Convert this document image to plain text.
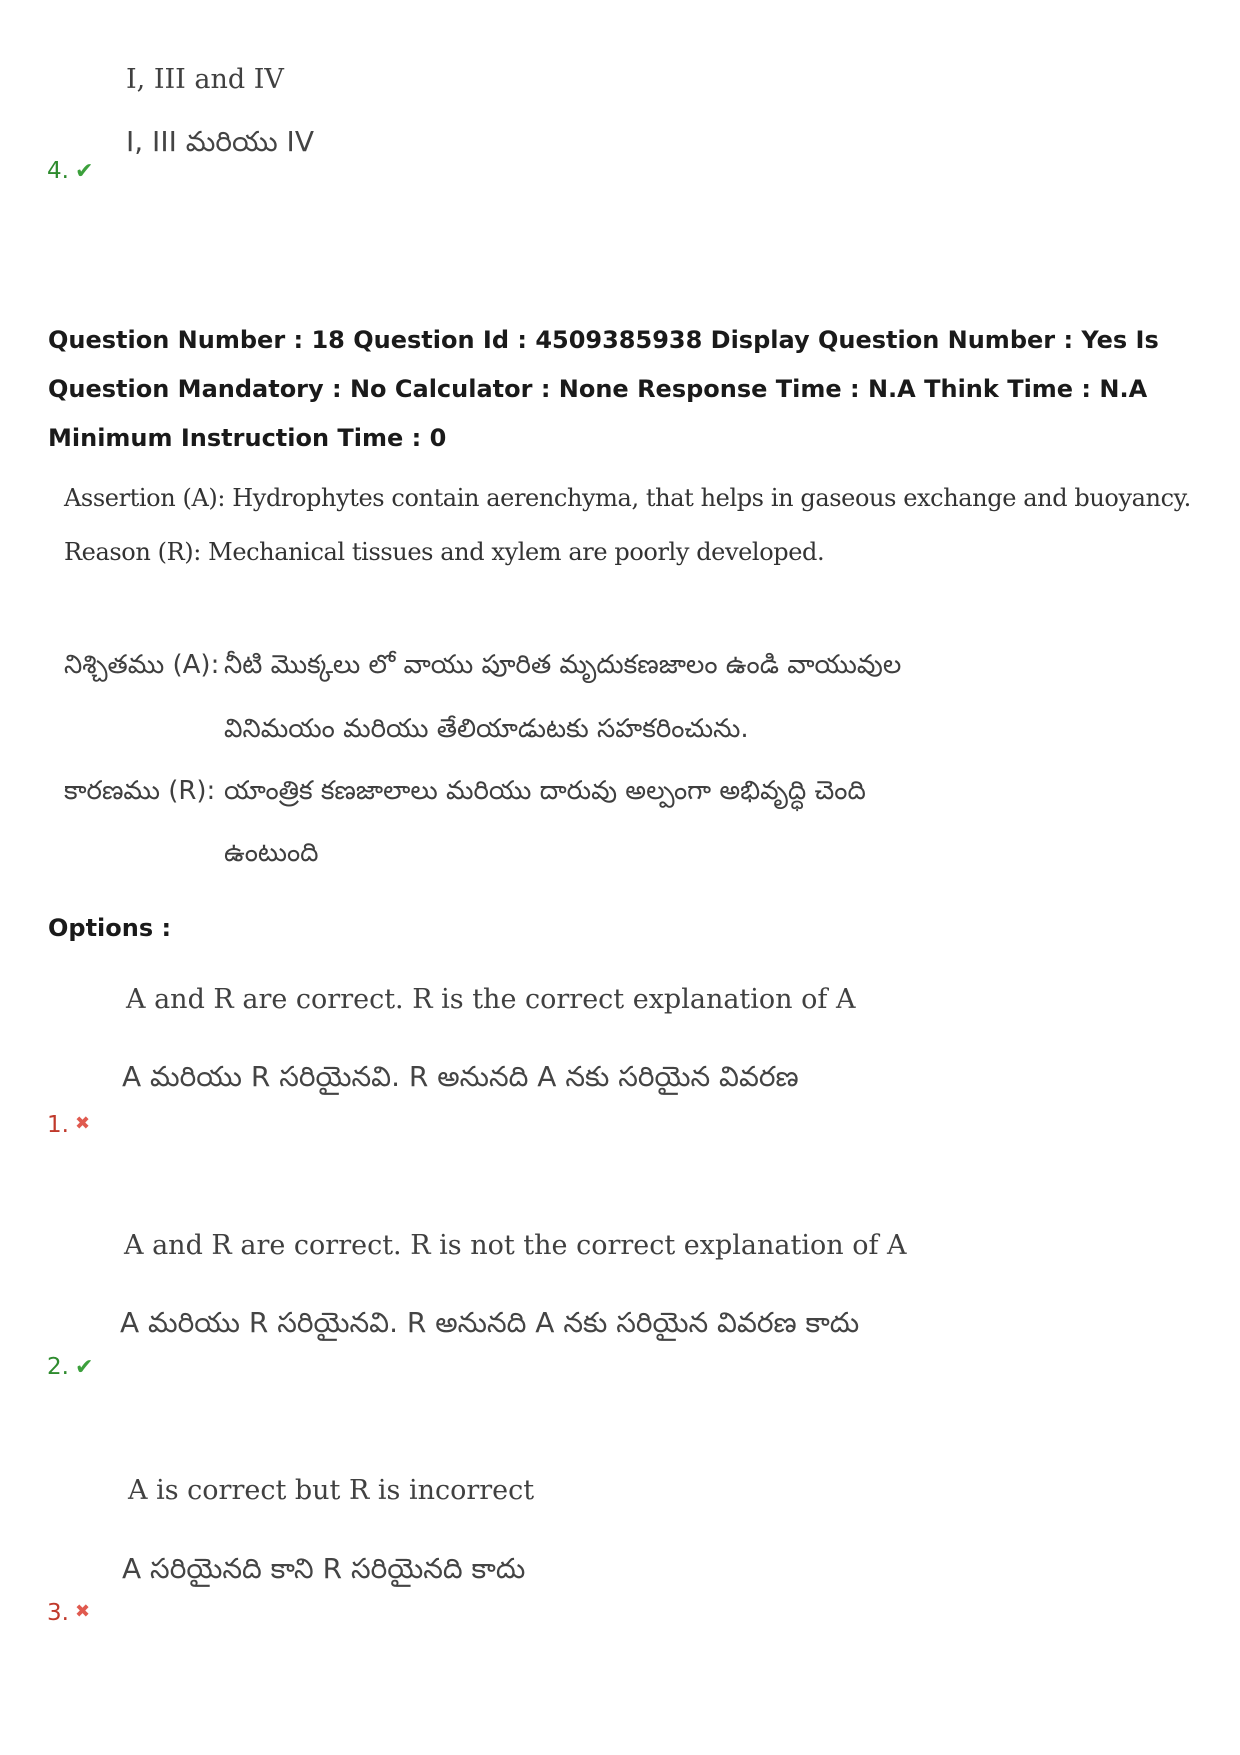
I, III and IV
I, III మరియు IV
4. ✔
Question Number : 18 Question Id : 4509385938 Display Question Number : Yes Is Question Mandatory : No Calculator : None Response Time : N.A Think Time : N.A Minimum Instruction Time : 0
Assertion (A): Hydrophytes contain aerenchyma, that helps in gaseous exchange and buoyancy.
Reason (R): Mechanical tissues and xylem are poorly developed.
నిశ్చితము (A): నీటి మొక్కలు లో వాయు పూరిత మృదుకణజాలం ఉండి వాయువుల
వినిమయం మరియు తేలియాడుటకు సహకరించును.
కారణము (R): యాంత్రిక కణజాలాలు మరియు దారువు అల్పంగా అభివృద్ధి చెంది
ఉంటుంది
Options :
A and R are correct. R is the correct explanation of A
A మరియు R సరియైనవి. R అనునది A నకు సరియైన వివరణ
1. ✖
A and R are correct. R is not the correct explanation of A
A మరియు R సరియైనవి. R అనునది A నకు సరియైన వివరణ కాదు
2. ✔
A is correct but R is incorrect
A సరియైనది కాని R సరియైనది కాదు
3. ✖
